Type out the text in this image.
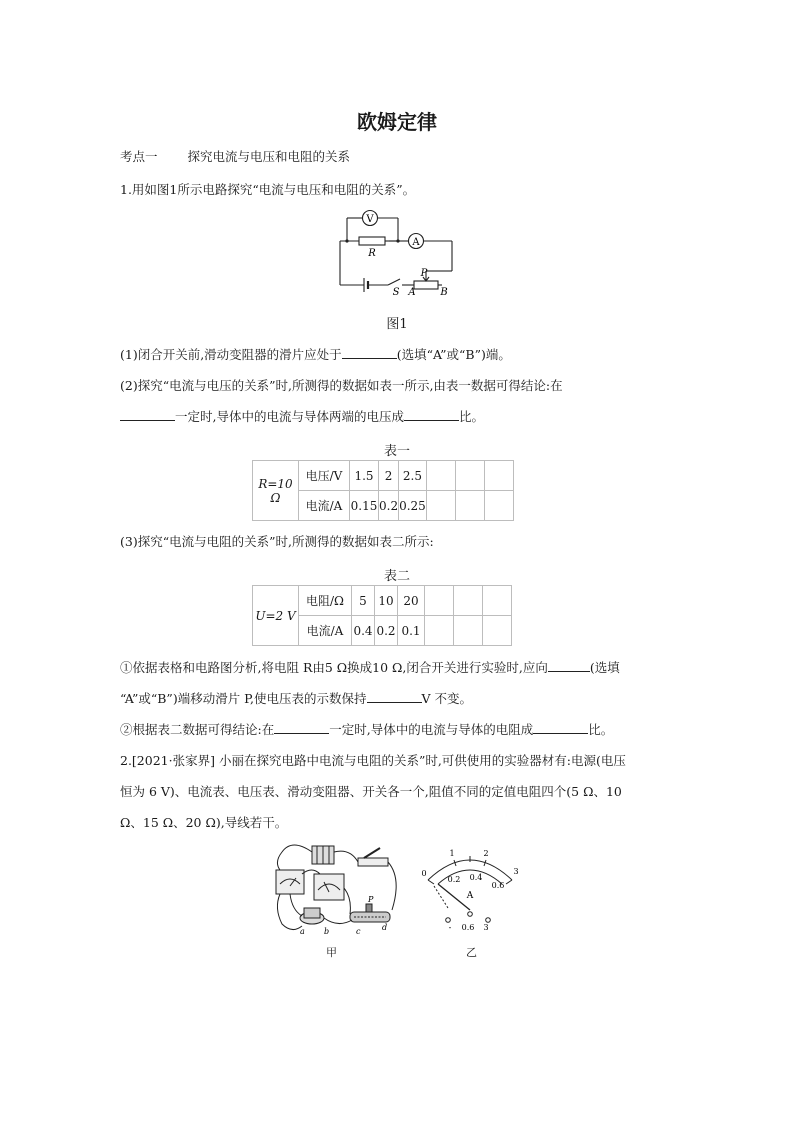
欧姆定律
考点一 探究电流与电压和电阻的关系
1.用如图1所示电路探究“电流与电压和电阻的关系”。
V
A
R
S
P
A B
图1
(1)闭合开关前,滑动变阻器的滑片应处于	(选填“A”或“B”)端。
(2)探究“电流与电压的关系”时,所测得的数据如表一所示,由表一数据可得结论:在
一定时,导体中的电流与导体两端的电压成	比。
表一
R=10 Ω	电压/V	1.5	2	2.5			
	电流/A	0.15	0.2	0.25			
(3)探究“电流与电阻的关系”时,所测得的数据如表二所示:
表二
U=2 V	电阻/Ω	5	10	20			
	电流/A	0.4	0.2	0.1			
①依据表格和电路图分析,将电阻 R由5 Ω换成10 Ω,闭合开关进行实验时,应向	(选填
“A”或“B”)端移动滑片 P,使电压表的示数保持	V 不变。
②根据表二数据可得结论:在	一定时,导体中的电流与导体的电阻成	比。
2.[2021·张家界] 小丽在探究电路中电流与电阻的关系”时,可供使用的实验器材有:电源(电压
恒为 6 V)、电流表、电压表、滑动变阻器、开关各一个,阻值不同的定值电阻四个(5 Ω、10
Ω、15 Ω、20 Ω),导线若干。
a b	c	d
P
0
1	2
3
0.2 0.4
0.6
A
- 0.6 3
甲	乙
